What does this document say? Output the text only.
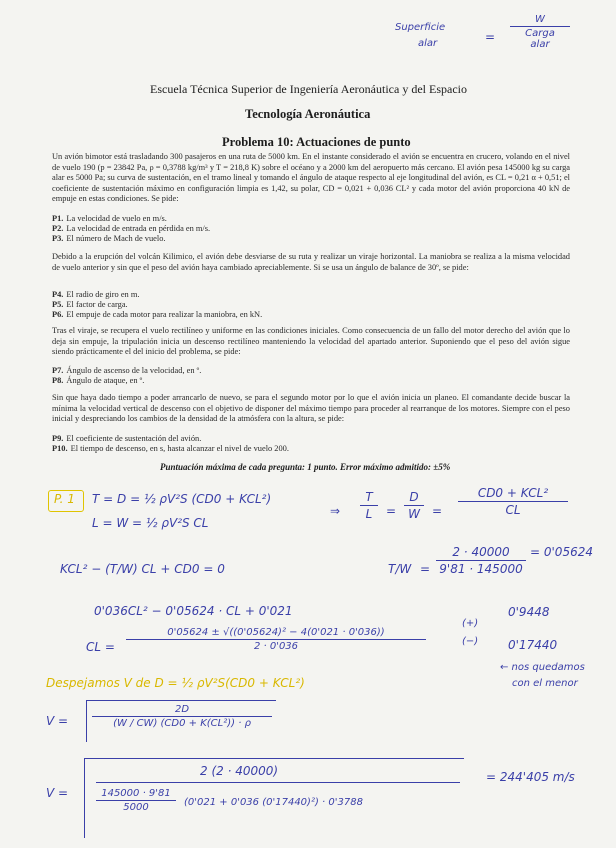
Superficie
alar	=
W
Carga
alar
Escuela Técnica Superior de Ingeniería Aeronáutica y del Espacio
Tecnología Aeronáutica
Problema 10: Actuaciones de punto
Un avión bimotor está trasladando 300 pasajeros en una ruta de 5000 km. En el instante considerado el avión se encuentra en crucero, volando en el nivel de vuelo 190 (p = 23842 Pa, ρ = 0,3788 kg/m³ y T = 218,8 K) sobre el océano y a 2000 km del aeropuerto más cercano. El avión pesa 145000 kg su carga alar es 5000 Pa; su curva de sustentación, en el tramo lineal y tomando el ángulo de ataque respecto al eje longitudinal del avión, es CL = 0,21 α + 0,51; el coeficiente de sustentación máximo en configuración limpia es 1,42, su polar, CD = 0,021 + 0,036 CL² y cada motor del avión proporciona 40 kN de empuje en estas condiciones. Se pide:
P1. La velocidad de vuelo en m/s.
P2. La velocidad de entrada en pérdida en m/s.
P3. El número de Mach de vuelo.
Debido a la erupción del volcán Kilimico, el avión debe desviarse de su ruta y realizar un viraje horizontal. La maniobra se realiza a la misma velocidad de vuelo anterior y sin que el peso del avión haya cambiado apreciablemente. Si se usa un ángulo de balance de 30º, se pide:
P4. El radio de giro en m.
P5. El factor de carga.
P6. El empuje de cada motor para realizar la maniobra, en kN.
Tras el viraje, se recupera el vuelo rectilíneo y uniforme en las condiciones iniciales. Como consecuencia de un fallo del motor derecho del avión que lo deja sin empuje, la tripulación inicia un descenso rectilíneo manteniendo la velocidad del apartado anterior. Suponiendo que el peso del avión sigue siendo prácticamente el del inicio del problema, se pide:
P7. Ángulo de ascenso de la velocidad, en º.
P8. Ángulo de ataque, en º.
Sin que haya dado tiempo a poder arrancarlo de nuevo, se para el segundo motor por lo que el avión inicia un planeo. El comandante decide buscar la mínima la velocidad vertical de descenso con el objetivo de disponer del máximo tiempo para proceder al rearranque de los motores. Siempre con el peso inicial y despreciando los cambios de la densidad de la atmósfera con la altura, se pide:
P9. El coeficiente de sustentación del avión.
P10. El tiempo de descenso, en s, hasta alcanzar el nivel de vuelo 200.
Puntuación máxima de cada pregunta: 1 punto. Error máximo admitido: ±5%
P. 1 T = D = ½ ρV²S (CD0 + KCL²)
L = W = ½ ρV²S CL
⇒
T
L	=
D
W	=
CD0 + KCL²
CL
KCL² − (T/W) CL + CD0 = 0	T/W =
2 · 40000
9'81 · 145000
= 0'05624
0'036CL² − 0'05624 · CL + 0'021
CL =
0'05624 ± √((0'05624)² − 4(0'021 · 0'036))
2 · 0'036
(+)
(−)
0'9448
0'17440
← nos quedamos
con el menor
Despejamos V de D = ½ ρV²S(CD0 + KCL²)
V =
2D
(W / CW) (CD0 + K(CL²)) · ρ
V =
2 (2 · 40000)
145000 · 9'81
5000	(0'021 + 0'036 (0'17440)²) · 0'3788
= 244'405 m/s
